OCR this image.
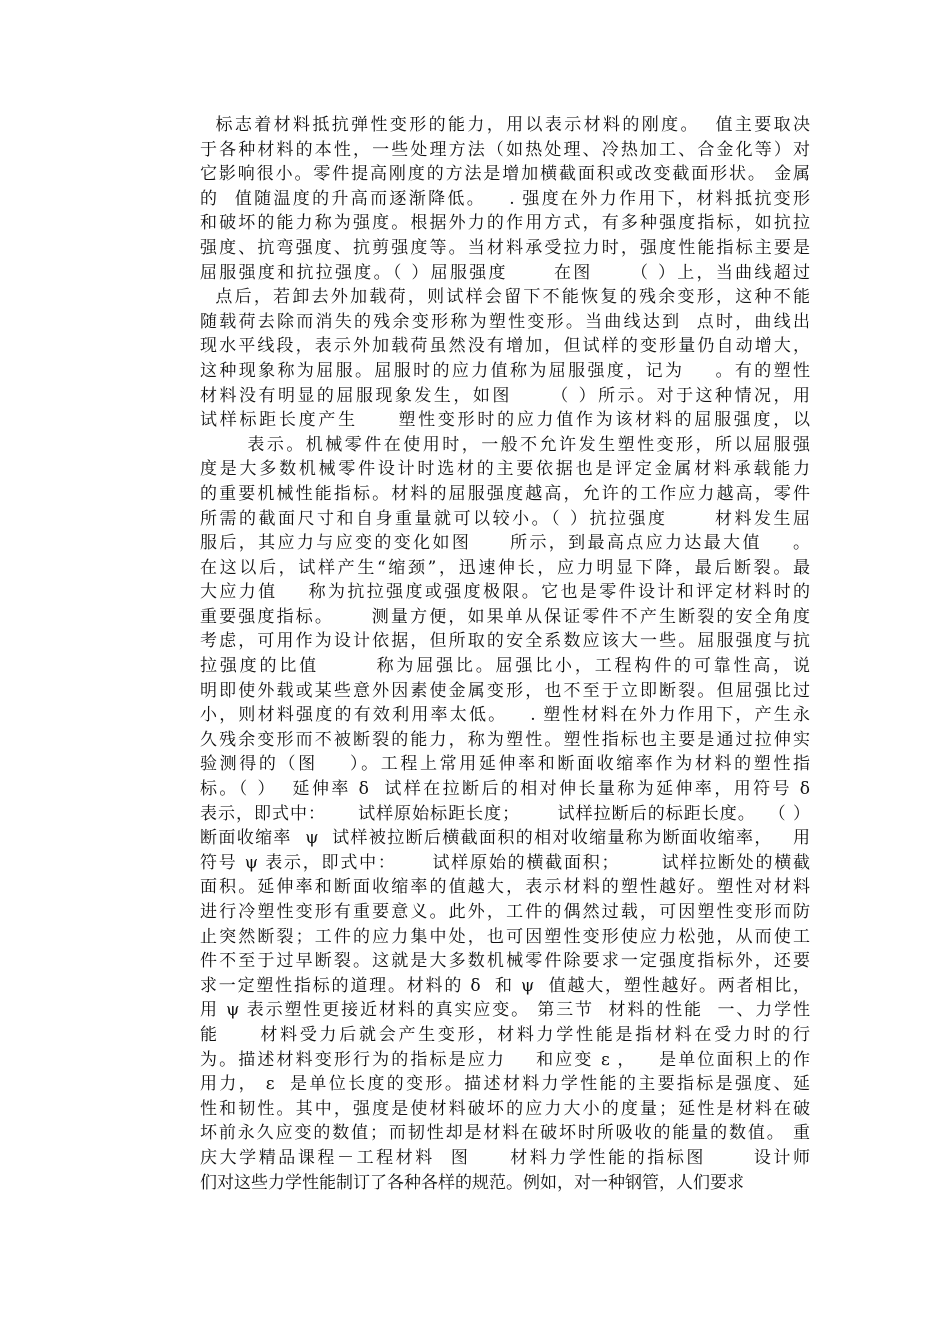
标志着材料抵抗弹性变形的能力，用以表示材料的刚度。  值主要取决
于各种材料的本性，一些处理方法（如热处理、冷热加工、合金化等）对
它影响很小。零件提高刚度的方法是增加横截面积或改变截面形状。 金属
的  值随温度的升高而逐渐降低。   . 强度在外力作用下，材料抵抗变形
和破坏的能力称为强度。根据外力的作用方式，有多种强度指标，如抗拉
强度、抗弯强度、抗剪强度等。当材料承受拉力时，强度性能指标主要是
屈服强度和抗拉强度。（ ）屈服强度      在图     （ ）上，当曲线超过
点后，若卸去外加载荷，则试样会留下不能恢复的残余变形，这种不能
随载荷去除而消失的残余变形称为塑性变形。当曲线达到  点时，曲线出
现水平线段，表示外加载荷虽然没有增加，但试样的变形量仍自动增大，
这种现象称为屈服。屈服时的应力值称为屈服强度，记为    。有的塑性
材料没有明显的屈服现象发生，如图     （ ）所示。对于这种情况，用
试样标距长度产生     塑性变形时的应力值作为该材料的屈服强度，以
表示。机械零件在使用时，一般不允许发生塑性变形，所以屈服强
度是大多数机械零件设计时选材的主要依据也是评定金属材料承载能力
的重要机械性能指标。材料的屈服强度越高，允许的工作应力越高，零件
所需的截面尺寸和自身重量就可以较小。（ ）抗拉强度      材料发生屈
服后，其应力与应变的变化如图     所示，到最高点应力达最大值    。
在这以后，试样产生“缩颈”，迅速伸长，应力明显下降，最后断裂。最
大应力值    称为抗拉强度或强度极限。它也是零件设计和评定材料时的
重要强度指标。     测量方便，如果单从保证零件不产生断裂的安全角度
考虑，可用作为设计依据，但所取的安全系数应该大一些。屈服强度与抗
拉强度的比值       称为屈强比。屈强比小，工程构件的可靠性高，说
明即使外载或某些意外因素使金属变形，也不至于立即断裂。但屈强比过
小，则材料强度的有效利用率太低。   . 塑性材料在外力作用下，产生永
久残余变形而不被断裂的能力，称为塑性。塑性指标也主要是通过拉伸实
验测得的（图    ）。工程上常用延伸率和断面收缩率作为材料的塑性指
标。（ ）  延伸率 δ  试样在拉断后的相对伸长量称为延伸率，用符号 δ
表示，即式中：     试样原始标距长度；      试样拉断后的标距长度。  （ ）
断面收缩率  ψ  试样被拉断后横截面积的相对收缩量称为断面收缩率，   用
符号 ψ 表示，即式中：     试样原始的横截面积；      试样拉断处的横截
面积。延伸率和断面收缩率的值越大，表示材料的塑性越好。塑性对材料
进行冷塑性变形有重要意义。此外，工件的偶然过载，可因塑性变形而防
止突然断裂；工件的应力集中处，也可因塑性变形使应力松弛，从而使工
件不至于过早断裂。这就是大多数机械零件除要求一定强度指标外，还要
求一定塑性指标的道理。材料的 δ  和 ψ  值越大，塑性越好。两者相比，
用 ψ 表示塑性更接近材料的真实应变。 第三节  材料的性能  一、力学性
能     材料受力后就会产生变形，材料力学性能是指材料在受力时的行
为。描述材料变形行为的指标是应力    和应变 ε ，   是单位面积上的作
用力， ε  是单位长度的变形。描述材料力学性能的主要指标是强度、延
性和韧性。其中，强度是使材料破坏的应力大小的度量；延性是材料在破
坏前永久应变的数值；而韧性却是材料在破坏时所吸收的能量的数值。 重
庆大学精品课程－工程材料  图     材料力学性能的指标图      设计师
们对这些力学性能制订了各种各样的规范。例如，对一种钢管，人们要求
